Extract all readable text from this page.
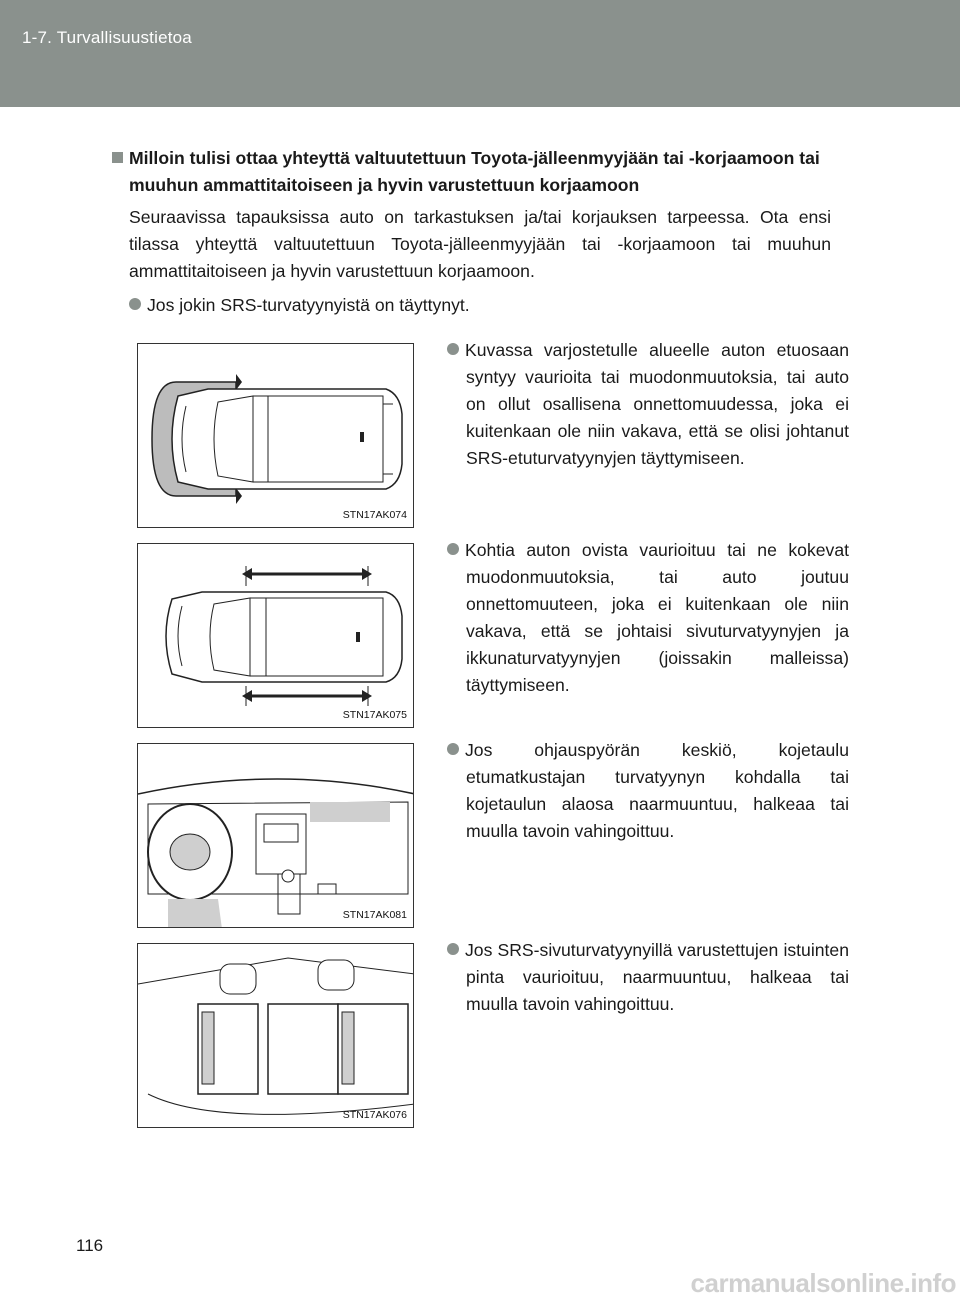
1-7. Turvallisuustietoa
Milloin tulisi ottaa yhteyttä valtuutettuun Toyota-jälleenmyyjään tai -korjaamoon tai muuhun ammattitaitoiseen ja hyvin varustettuun korjaamoon
Seuraavissa tapauksissa auto on tarkastuksen ja/tai korjauksen tarpeessa. Ota ensi tilassa yhteyttä valtuutettuun Toyota-jälleenmyyjään tai -korjaamoon tai muuhun ammattitaitoiseen ja hyvin varustettuun korjaamoon.
Jos jokin SRS-turvatyynyistä on täyttynyt.
Kuvassa varjostetulle alueelle auton etuosaan syntyy vaurioita tai muodonmuutoksia, tai auto on ollut osallisena onnettomuudessa, joka ei kuitenkaan ole niin vakava, että se olisi johtanut SRS-etuturvatyynyjen täyttymiseen.
STN17AK074
Kohtia auton ovista vaurioituu tai ne kokevat muodonmuutoksia, tai auto joutuu onnettomuuteen, joka ei kuitenkaan ole niin vakava, että se johtaisi sivuturvatyynyjen ja ikkunaturvatyynyjen (joissakin malleissa) täyttymiseen.
STN17AK075
Jos ohjauspyörän keskiö, kojetaulu etumatkustajan turvatyynyn kohdalla tai kojetaulun alaosa naarmuuntuu, halkeaa tai muulla tavoin vahingoittuu.
STN17AK081
Jos SRS-sivuturvatyynyillä varustettujen istuinten pinta vaurioituu, naarmuuntuu, halkeaa tai muulla tavoin vahingoittuu.
STN17AK076
116
carmanualsonline.info
